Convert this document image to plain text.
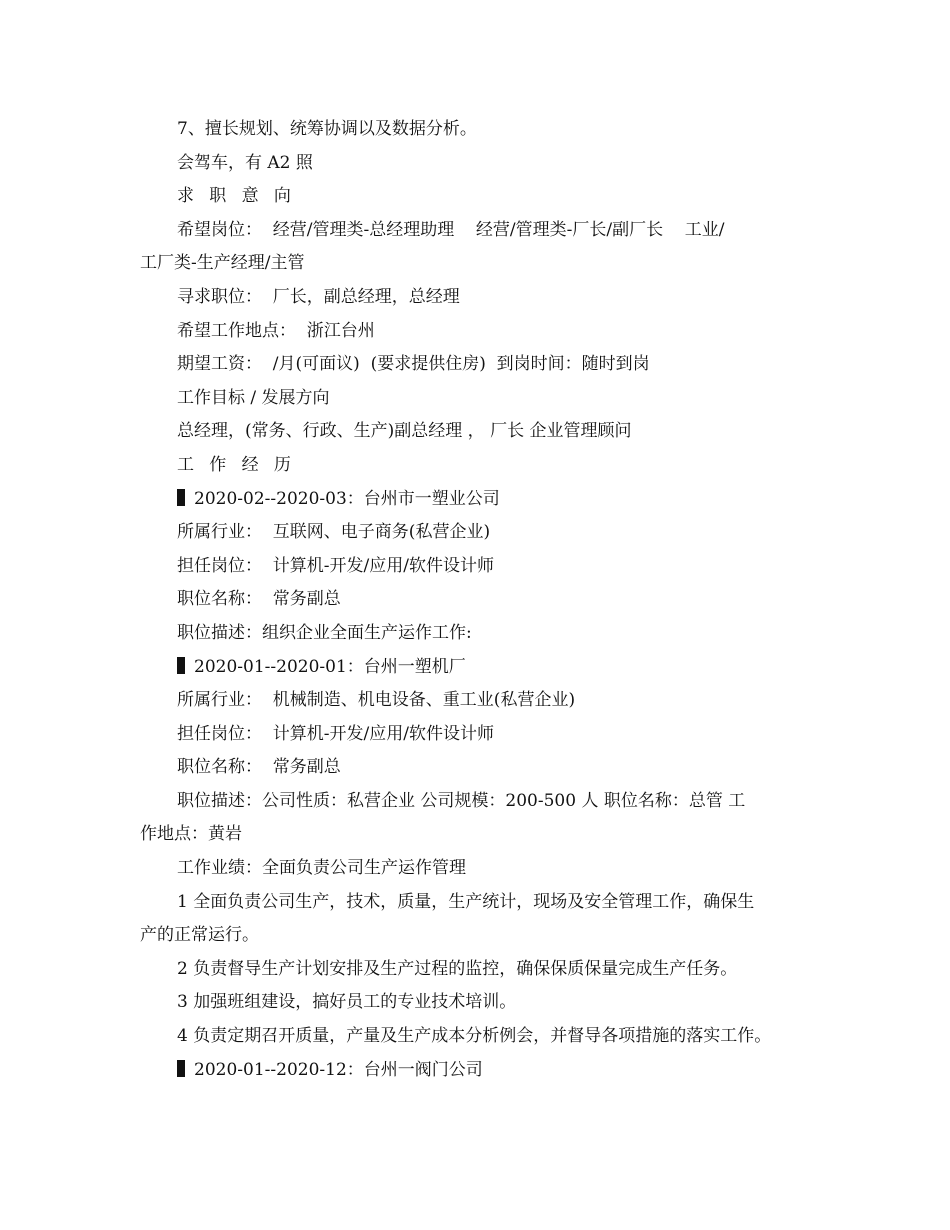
7、擅长规划、统筹协调以及数据分析。
会驾车，有 A2 照
求职意向
希望岗位：  经营/管理类-总经理助理    经营/管理类-厂长/副厂长    工业/
工厂类-生产经理/主管
寻求职位：  厂长，副总经理，总经理
希望工作地点：  浙江台州
期望工资：  /月(可面议)  (要求提供住房)  到岗时间：随时到岗
工作目标 / 发展方向
总经理，(常务、行政、生产)副总经理 ， 厂长 企业管理顾问
工作经历
2020-02--2020-03：台州市一塑业公司
所属行业：  互联网、电子商务(私营企业)
担任岗位：  计算机-开发/应用/软件设计师
职位名称：  常务副总
职位描述：组织企业全面生产运作工作:
2020-01--2020-01：台州一塑机厂
所属行业：  机械制造、机电设备、重工业(私营企业)
担任岗位：  计算机-开发/应用/软件设计师
职位名称：  常务副总
职位描述：公司性质：私营企业 公司规模：200-500 人 职位名称：总管 工
作地点：黄岩
工作业绩：全面负责公司生产运作管理
1 全面负责公司生产，技术，质量，生产统计，现场及安全管理工作，确保生
产的正常运行。
2 负责督导生产计划安排及生产过程的监控，确保保质保量完成生产任务。
3 加强班组建设，搞好员工的专业技术培训。
4 负责定期召开质量，产量及生产成本分析例会，并督导各项措施的落实工作。
2020-01--2020-12：台州一阀门公司
